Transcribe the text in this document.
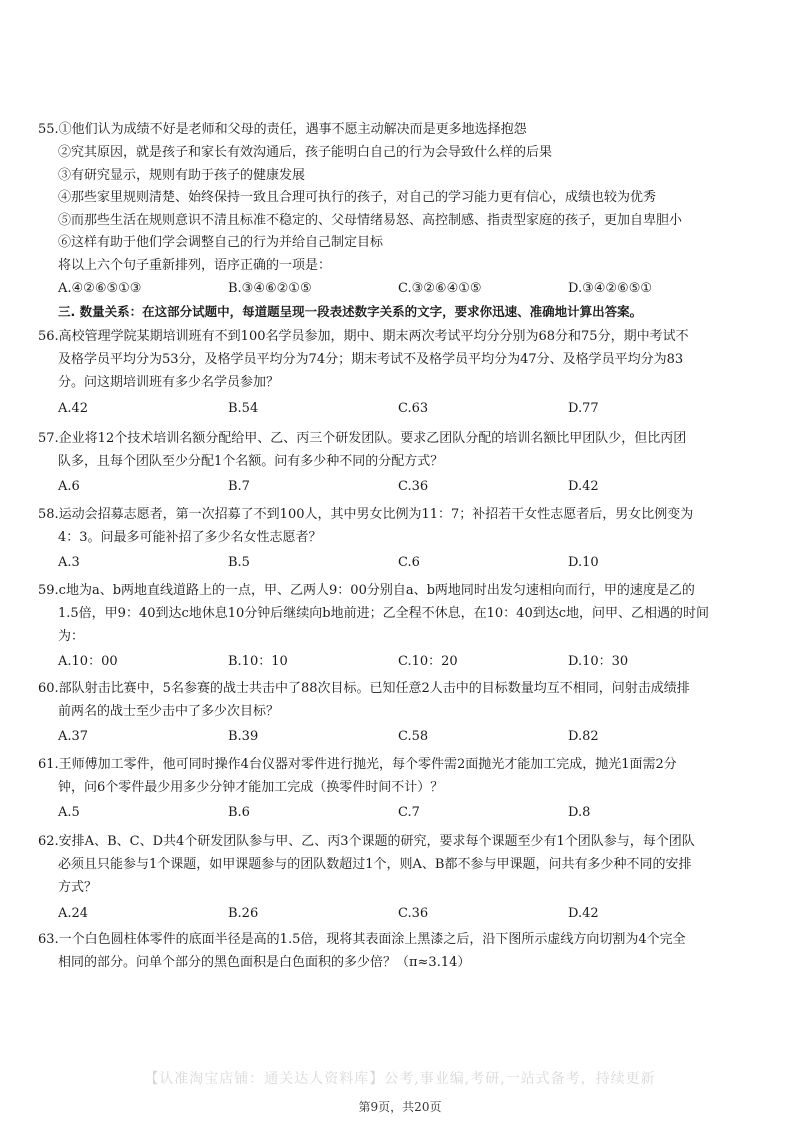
55.①他们认为成绩不好是老师和父母的责任，遇事不愿主动解决而是更多地选择抱怨
②究其原因，就是孩子和家长有效沟通后，孩子能明白自己的行为会导致什么样的后果
③有研究显示，规则有助于孩子的健康发展
④那些家里规则清楚、始终保持一致且合理可执行的孩子，对自己的学习能力更有信心，成绩也较为优秀
⑤而那些生活在规则意识不清且标准不稳定的、父母情绪易怒、高控制感、指责型家庭的孩子，更加自卑胆小
⑥这样有助于他们学会调整自己的行为并给自己制定目标
将以上六个句子重新排列，语序正确的一项是：
A.④②⑥⑤①③	B.③④⑥②①⑤	C.③②⑥④①⑤	D.③④②⑥⑤①
三. 数量关系：在这部分试题中，每道题呈现一段表述数字关系的文字，要求你迅速、准确地计算出答案。
56.高校管理学院某期培训班有不到100名学员参加，期中、期末两次考试平均分分别为68分和75分，期中考试不
及格学员平均分为53分，及格学员平均分为74分；期末考试不及格学员平均分为47分、及格学员平均分为83
分。问这期培训班有多少名学员参加？
A.42	B.54	C.63	D.77
57.企业将12个技术培训名额分配给甲、乙、丙三个研发团队。要求乙团队分配的培训名额比甲团队少，但比丙团
队多，且每个团队至少分配1个名额。问有多少种不同的分配方式？
A.6	B.7	C.36	D.42
58.运动会招募志愿者，第一次招募了不到100人，其中男女比例为11：7；补招若干女性志愿者后，男女比例变为
4：3。问最多可能补招了多少名女性志愿者？
A.3	B.5	C.6	D.10
59.c地为a、b两地直线道路上的一点，甲、乙两人9：00分别自a、b两地同时出发匀速相向而行，甲的速度是乙的
1.5倍，甲9：40到达c地休息10分钟后继续向b地前进；乙全程不休息，在10：40到达c地，问甲、乙相遇的时间
为：
A.10：00	B.10：10	C.10：20	D.10：30
60.部队射击比赛中，5名参赛的战士共击中了88次目标。已知任意2人击中的目标数量均互不相同，问射击成绩排
前两名的战士至少击中了多少次目标？
A.37	B.39	C.58	D.82
61.王师傅加工零件，他可同时操作4台仪器对零件进行抛光，每个零件需2面抛光才能加工完成，抛光1面需2分
钟，问6个零件最少用多少分钟才能加工完成（换零件时间不计）？
A.5	B.6	C.7	D.8
62.安排A、B、C、D共4个研发团队参与甲、乙、丙3个课题的研究，要求每个课题至少有1个团队参与，每个团队
必须且只能参与1个课题，如甲课题参与的团队数超过1个，则A、B都不参与甲课题，问共有多少种不同的安排
方式？
A.24	B.26	C.36	D.42
63.一个白色圆柱体零件的底面半径是高的1.5倍，现将其表面涂上黑漆之后，沿下图所示虚线方向切割为4个完全
相同的部分。问单个部分的黑色面积是白色面积的多少倍？（π≈3.14）
【认准淘宝店铺：通关达人资料库】公考,事业编,考研,一站式备考，持续更新
第9页，共20页
